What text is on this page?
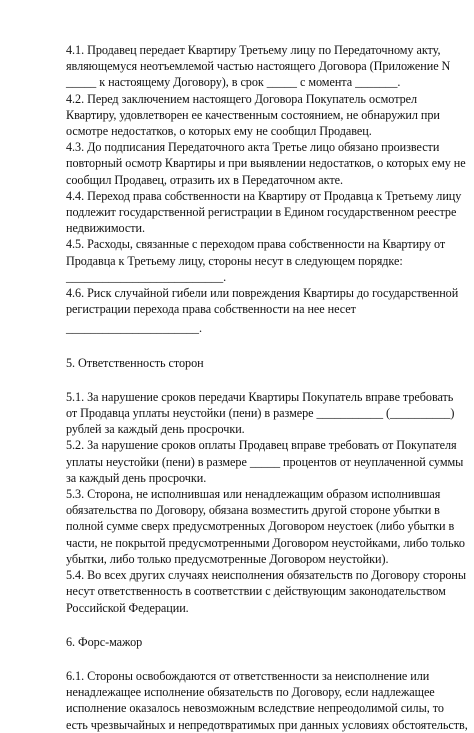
4.1. Продавец передает Квартиру Третьему лицу по Передаточному акту,
являющемуся неотъемлемой частью настоящего Договора (Приложение N
_____ к настоящему Договору), в срок _____ с момента _______.

4.2. Перед заключением настоящего Договора Покупатель осмотрел
Квартиру, удовлетворен ее качественным состоянием, не обнаружил при
осмотре недостатков, о которых ему не сообщил Продавец.

4.3. До подписания Передаточного акта Третье лицо обязано произвести
повторный осмотр Квартиры и при выявлении недостатков, о которых ему не
сообщил Продавец, отразить их в Передаточном акте.

4.4. Переход права собственности на Квартиру от Продавца к Третьему лицу
подлежит государственной регистрации в Едином государственном реестре
недвижимости.

4.5. Расходы, связанные с переходом права собственности на Квартиру от
Продавца к Третьему лицу, стороны несут в следующем порядке:
__________________________.

4.6. Риск случайной гибели или повреждения Квартиры до государственной
регистрации перехода права собственности на нее несет
______________________.

5. Ответственность сторон

5.1. За нарушение сроков передачи Квартиры Покупатель вправе требовать
от Продавца уплаты неустойки (пени) в размере ___________ (__________)
рублей за каждый день просрочки.

5.2. За нарушение сроков оплаты Продавец вправе требовать от Покупателя
уплаты неустойки (пени) в размере _____ процентов от неуплаченной суммы
за каждый день просрочки.

5.3. Сторона, не исполнившая или ненадлежащим образом исполнившая
обязательства по Договору, обязана возместить другой стороне убытки в
полной сумме сверх предусмотренных Договором неустоек (либо убытки в
части, не покрытой предусмотренными Договором неустойками, либо только
убытки, либо только предусмотренные Договором неустойки).

5.4. Во всех других случаях неисполнения обязательств по Договору стороны
несут ответственность в соответствии с действующим законодательством
Российской Федерации.

6. Форс-мажор

6.1. Стороны освобождаются от ответственности за неисполнение или
ненадлежащее исполнение обязательств по Договору, если надлежащее
исполнение оказалось невозможным вследствие непреодолимой силы, то
есть чрезвычайных и непредотвратимых при данных условиях обстоятельств,
